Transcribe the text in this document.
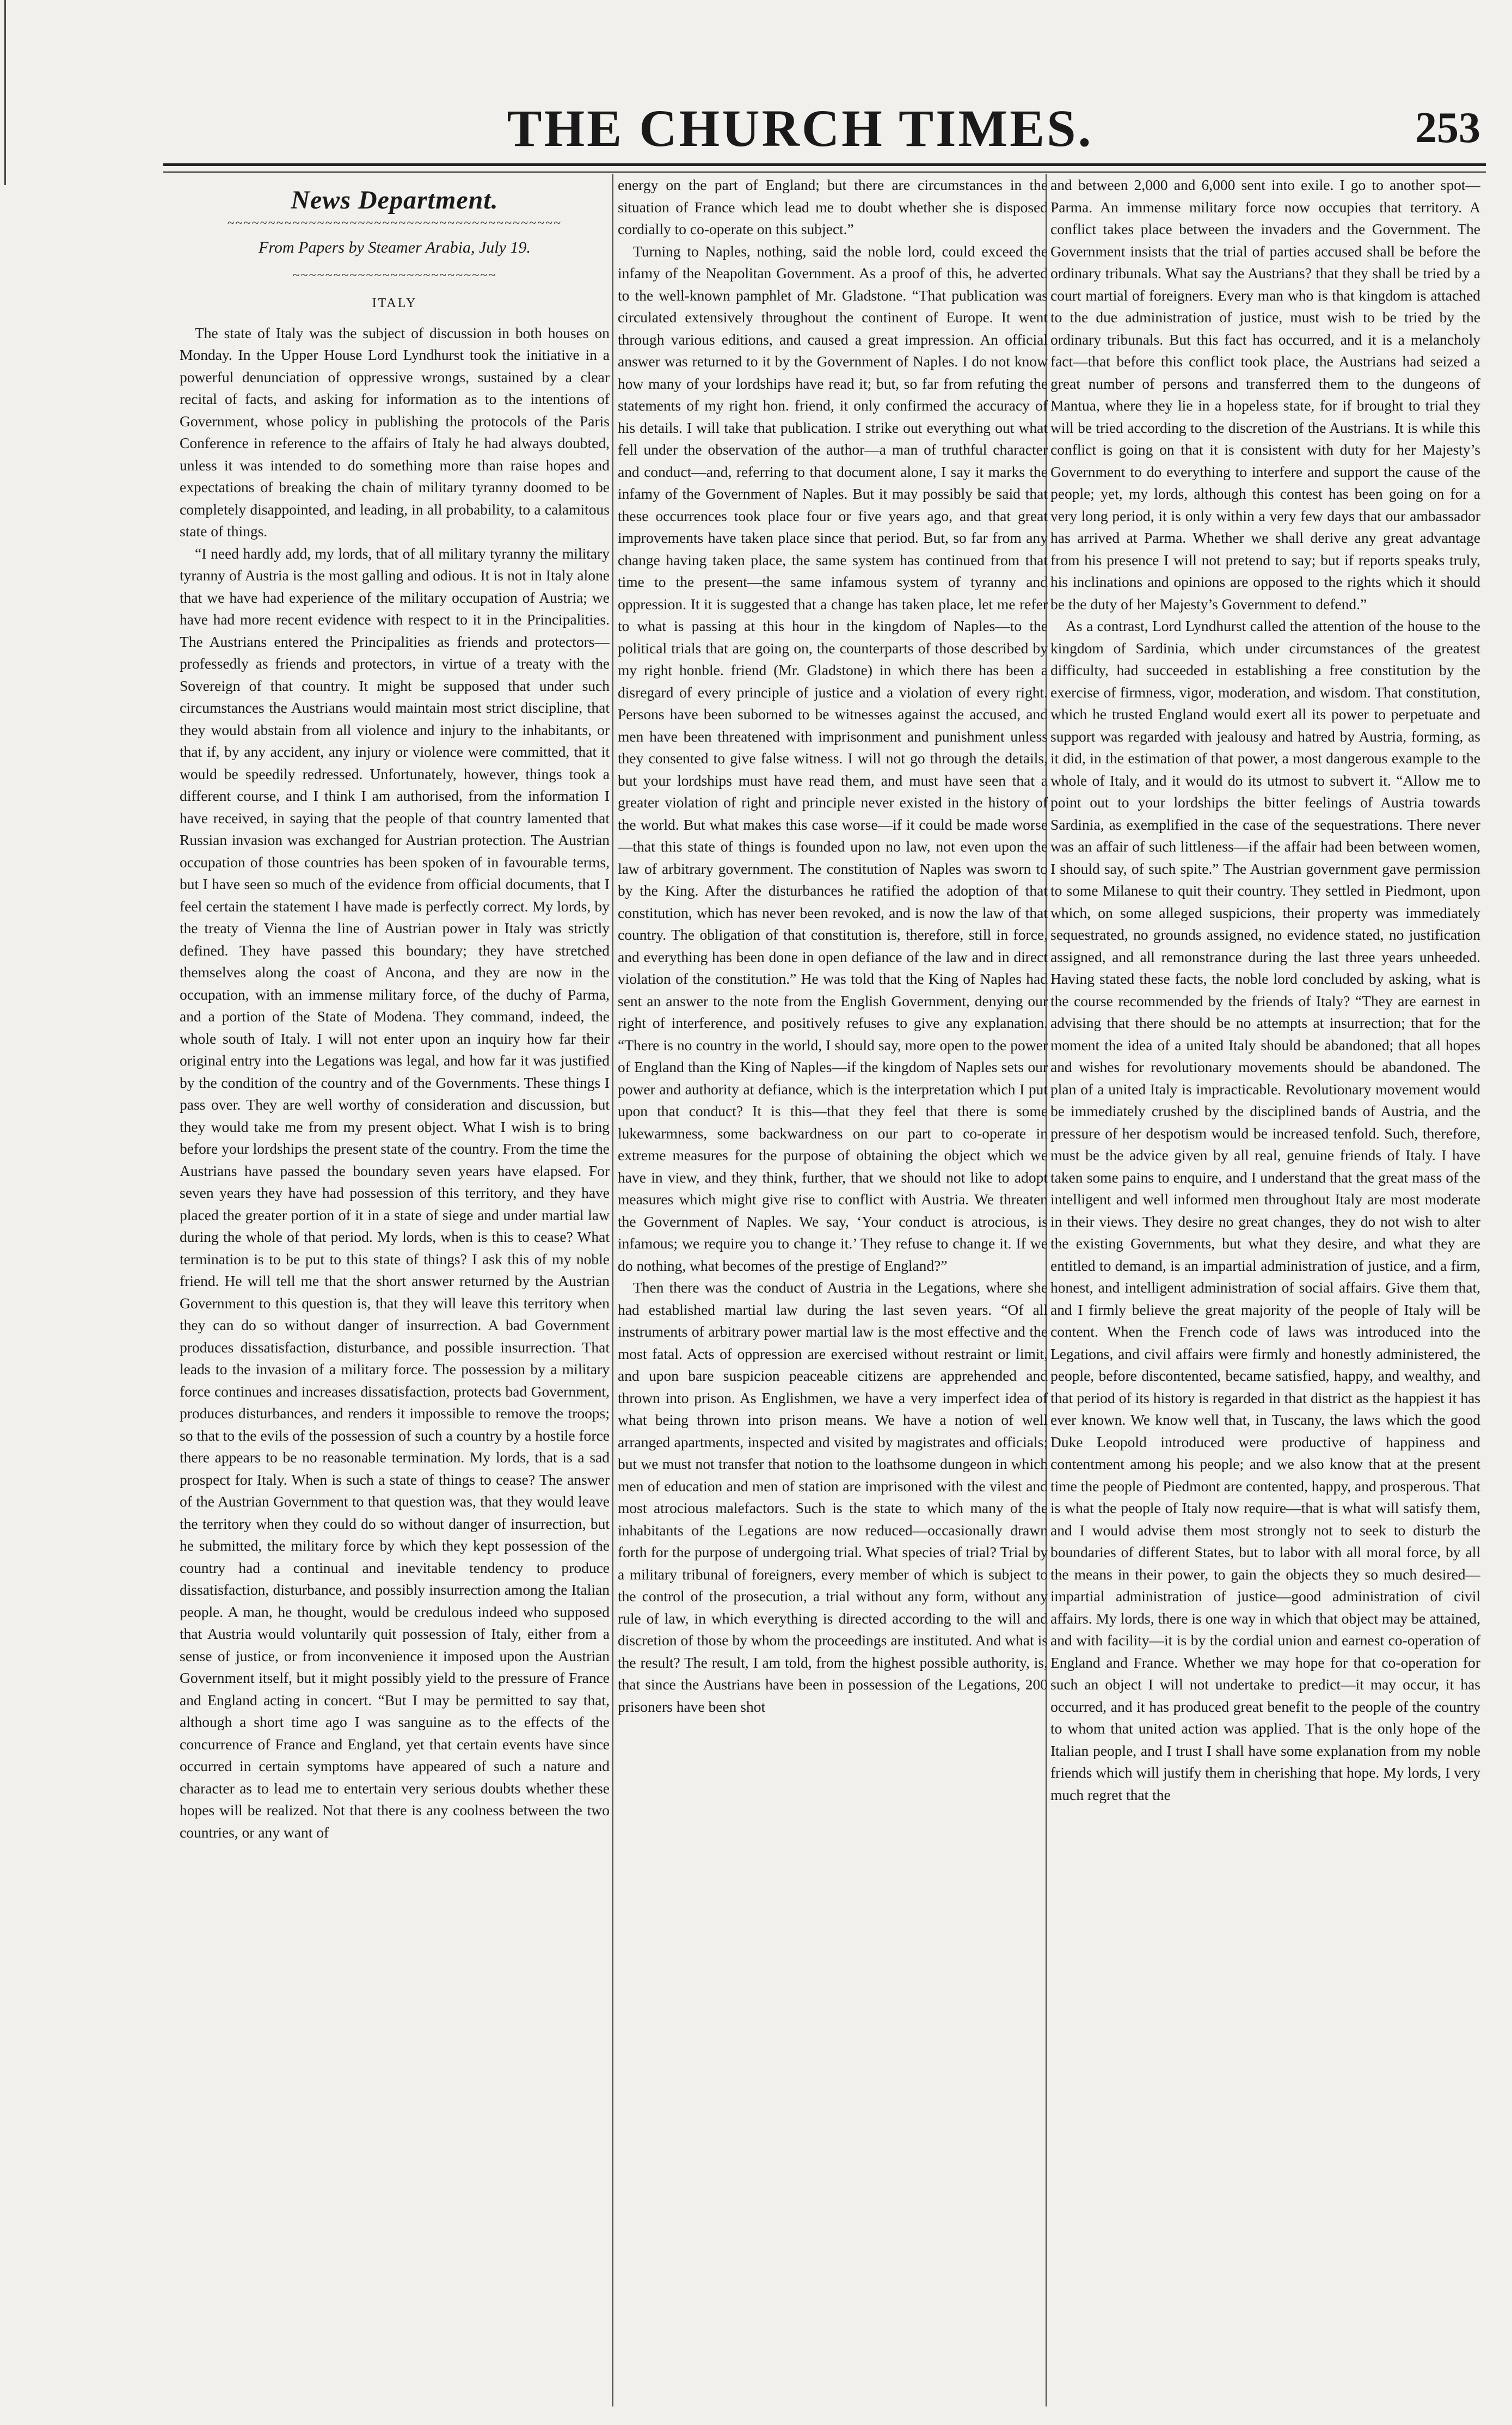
THE CHURCH TIMES.	253
News Department.
~~~~~~~~~~~~~~~~~~~~~~~~~~~~~~~~~~~~~~~~~
From Papers by Steamer Arabia, July 19.
~~~~~~~~~~~~~~~~~~~~~~~~~
ITALY

The state of Italy was the subject of discussion in both houses on Monday. In the Upper House Lord Lyndhurst took the initiative in a powerful denunciation of oppressive wrongs, sustained by a clear recital of facts, and asking for information as to the intentions of Government, whose policy in publishing the protocols of the Paris Conference in reference to the affairs of Italy he had always doubted, unless it was intended to do something more than raise hopes and expectations of breaking the chain of military tyranny doomed to be completely disappointed, and leading, in all probability, to a calamitous state of things.

“I need hardly add, my lords, that of all military tyranny the military tyranny of Austria is the most galling and odious. It is not in Italy alone that we have had experience of the military occupation of Austria; we have had more recent evidence with respect to it in the Principalities. The Austrians entered the Principalities as friends and protectors—professedly as friends and protectors, in virtue of a treaty with the Sovereign of that country. It might be supposed that under such circumstances the Austrians would maintain most strict discipline, that they would abstain from all violence and injury to the inhabitants, or that if, by any accident, any injury or violence were committed, that it would be speedily redressed. Unfortunately, however, things took a different course, and I think I am authorised, from the information I have received, in saying that the people of that country lamented that Russian invasion was exchanged for Austrian protection. The Austrian occupation of those countries has been spoken of in favourable terms, but I have seen so much of the evidence from official documents, that I feel certain the statement I have made is perfectly correct. My lords, by the treaty of Vienna the line of Austrian power in Italy was strictly defined. They have passed this boundary; they have stretched themselves along the coast of Ancona, and they are now in the occupation, with an immense military force, of the duchy of Parma, and a portion of the State of Modena. They command, indeed, the whole south of Italy. I will not enter upon an inquiry how far their original entry into the Legations was legal, and how far it was justified by the condition of the country and of the Governments. These things I pass over. They are well worthy of consideration and discussion, but they would take me from my present object. What I wish is to bring before your lordships the present state of the country. From the time the Austrians have passed the boundary seven years have elapsed. For seven years they have had possession of this territory, and they have placed the greater portion of it in a state of siege and under martial law during the whole of that period. My lords, when is this to cease? What termination is to be put to this state of things? I ask this of my noble friend. He will tell me that the short answer returned by the Austrian Government to this question is, that they will leave this territory when they can do so without danger of insurrection. A bad Government produces dissatisfaction, disturbance, and possible insurrection. That leads to the invasion of a military force. The possession by a military force continues and increases dissatisfaction, protects bad Government, produces disturbances, and renders it impossible to remove the troops; so that to the evils of the possession of such a country by a hostile force there appears to be no reasonable termination. My lords, that is a sad prospect for Italy. When is such a state of things to cease? The answer of the Austrian Government to that question was, that they would leave the territory when they could do so without danger of insurrection, but he submitted, the military force by which they kept possession of the country had a continual and inevitable tendency to produce dissatisfaction, disturbance, and possibly insurrection among the Italian people. A man, he thought, would be credulous indeed who supposed that Austria would voluntarily quit possession of Italy, either from a sense of justice, or from inconvenience it imposed upon the Austrian Government itself, but it might possibly yield to the pressure of France and England acting in concert. “But I may be permitted to say that, although a short time ago I was sanguine as to the effects of the concurrence of France and England, yet that certain events have since occurred in certain symptoms have appeared of such a nature and character as to lead me to entertain very serious doubts whether these hopes will be realized. Not that there is any coolness between the two countries, or any want of

energy on the part of England; but there are circumstances in the situation of France which lead me to doubt whether she is disposed cordially to co-operate on this subject.”

Turning to Naples, nothing, said the noble lord, could exceed the infamy of the Neapolitan Government. As a proof of this, he adverted to the well-known pamphlet of Mr. Gladstone. “That publication was circulated extensively throughout the continent of Europe. It went through various editions, and caused a great impression. An official answer was returned to it by the Government of Naples. I do not know how many of your lordships have read it; but, so far from refuting the statements of my right hon. friend, it only confirmed the accuracy of his details. I will take that publication. I strike out everything out what fell under the observation of the author—a man of truthful character and conduct—and, referring to that document alone, I say it marks the infamy of the Government of Naples. But it may possibly be said that these occurrences took place four or five years ago, and that great improvements have taken place since that period. But, so far from any change having taken place, the same system has continued from that time to the present—the same infamous system of tyranny and oppression. It it is suggested that a change has taken place, let me refer to what is passing at this hour in the kingdom of Naples—to the political trials that are going on, the counterparts of those described by my right honble. friend (Mr. Gladstone) in which there has been a disregard of every principle of justice and a violation of every right. Persons have been suborned to be witnesses against the accused, and men have been threatened with imprisonment and punishment unless they consented to give false witness. I will not go through the details, but your lordships must have read them, and must have seen that a greater violation of right and principle never existed in the history of the world. But what makes this case worse—if it could be made worse—that this state of things is founded upon no law, not even upon the law of arbitrary government. The constitution of Naples was sworn to by the King. After the disturbances he ratified the adoption of that constitution, which has never been revoked, and is now the law of that country. The obligation of that constitution is, therefore, still in force, and everything has been done in open defiance of the law and in direct violation of the constitution.” He was told that the King of Naples had sent an answer to the note from the English Government, denying our right of interference, and positively refuses to give any explanation. “There is no country in the world, I should say, more open to the power of England than the King of Naples—if the kingdom of Naples sets our power and authority at defiance, which is the interpretation which I put upon that conduct? It is this—that they feel that there is some lukewarmness, some backwardness on our part to co-operate in extreme measures for the purpose of obtaining the object which we have in view, and they think, further, that we should not like to adopt measures which might give rise to conflict with Austria. We threaten the Government of Naples. We say, ‘Your conduct is atrocious, is infamous; we require you to change it.’ They refuse to change it. If we do nothing, what becomes of the prestige of England?”

Then there was the conduct of Austria in the Legations, where she had established martial law during the last seven years. “Of all instruments of arbitrary power martial law is the most effective and the most fatal. Acts of oppression are exercised without restraint or limit, and upon bare suspicion peaceable citizens are apprehended and thrown into prison. As Englishmen, we have a very imperfect idea of what being thrown into prison means. We have a notion of well arranged apartments, inspected and visited by magistrates and officials; but we must not transfer that notion to the loathsome dungeon in which men of education and men of station are imprisoned with the vilest and most atrocious malefactors. Such is the state to which many of the inhabitants of the Legations are now reduced—occasionally drawn forth for the purpose of undergoing trial. What species of trial? Trial by a military tribunal of foreigners, every member of which is subject to the control of the prosecution, a trial without any form, without any rule of law, in which everything is directed according to the will and discretion of those by whom the proceedings are instituted. And what is the result? The result, I am told, from the highest possible authority, is, that since the Austrians have been in possession of the Legations, 200 prisoners have been shot

and between 2,000 and 6,000 sent into exile. I go to another spot—Parma. An immense military force now occupies that territory. A conflict takes place between the invaders and the Government. The Government insists that the trial of parties accused shall be before the ordinary tribunals. What say the Austrians? that they shall be tried by a court martial of foreigners. Every man who is that kingdom is attached to the due administration of justice, must wish to be tried by the ordinary tribunals. But this fact has occurred, and it is a melancholy fact—that before this conflict took place, the Austrians had seized a great number of persons and transferred them to the dungeons of Mantua, where they lie in a hopeless state, for if brought to trial they will be tried according to the discretion of the Austrians. It is while this conflict is going on that it is consistent with duty for her Majesty’s Government to do everything to interfere and support the cause of the people; yet, my lords, although this contest has been going on for a very long period, it is only within a very few days that our ambassador has arrived at Parma. Whether we shall derive any great advantage from his presence I will not pretend to say; but if reports speaks truly, his inclinations and opinions are opposed to the rights which it should be the duty of her Majesty’s Government to defend.”

As a contrast, Lord Lyndhurst called the attention of the house to the kingdom of Sardinia, which under circumstances of the greatest difficulty, had succeeded in establishing a free constitution by the exercise of firmness, vigor, moderation, and wisdom. That constitution, which he trusted England would exert all its power to perpetuate and support was regarded with jealousy and hatred by Austria, forming, as it did, in the estimation of that power, a most dangerous example to the whole of Italy, and it would do its utmost to subvert it. “Allow me to point out to your lordships the bitter feelings of Austria towards Sardinia, as exemplified in the case of the sequestrations. There never was an affair of such littleness—if the affair had been between women, I should say, of such spite.” The Austrian government gave permission to some Milanese to quit their country. They settled in Piedmont, upon which, on some alleged suspicions, their property was immediately sequestrated, no grounds assigned, no evidence stated, no justification assigned, and all remonstrance during the last three years unheeded. Having stated these facts, the noble lord concluded by asking, what is the course recommended by the friends of Italy? “They are earnest in advising that there should be no attempts at insurrection; that for the moment the idea of a united Italy should be abandoned; that all hopes and wishes for revolutionary movements should be abandoned. The plan of a united Italy is impracticable. Revolutionary movement would be immediately crushed by the disciplined bands of Austria, and the pressure of her despotism would be increased tenfold. Such, therefore, must be the advice given by all real, genuine friends of Italy. I have taken some pains to enquire, and I understand that the great mass of the intelligent and well informed men throughout Italy are most moderate in their views. They desire no great changes, they do not wish to alter the existing Governments, but what they desire, and what they are entitled to demand, is an impartial administration of justice, and a firm, honest, and intelligent administration of social affairs. Give them that, and I firmly believe the great majority of the people of Italy will be content. When the French code of laws was introduced into the Legations, and civil affairs were firmly and honestly administered, the people, before discontented, became satisfied, happy, and wealthy, and that period of its history is regarded in that district as the happiest it has ever known. We know well that, in Tuscany, the laws which the good Duke Leopold introduced were productive of happiness and contentment among his people; and we also know that at the present time the people of Piedmont are contented, happy, and prosperous. That is what the people of Italy now require—that is what will satisfy them, and I would advise them most strongly not to seek to disturb the boundaries of different States, but to labor with all moral force, by all the means in their power, to gain the objects they so much desired—impartial administration of justice—good administration of civil affairs. My lords, there is one way in which that object may be attained, and with facility—it is by the cordial union and earnest co-operation of England and France. Whether we may hope for that co-operation for such an object I will not undertake to predict—it may occur, it has occurred, and it has produced great benefit to the people of the country to whom that united action was applied. That is the only hope of the Italian people, and I trust I shall have some explanation from my noble friends which will justify them in cherishing that hope. My lords, I very much regret that the
